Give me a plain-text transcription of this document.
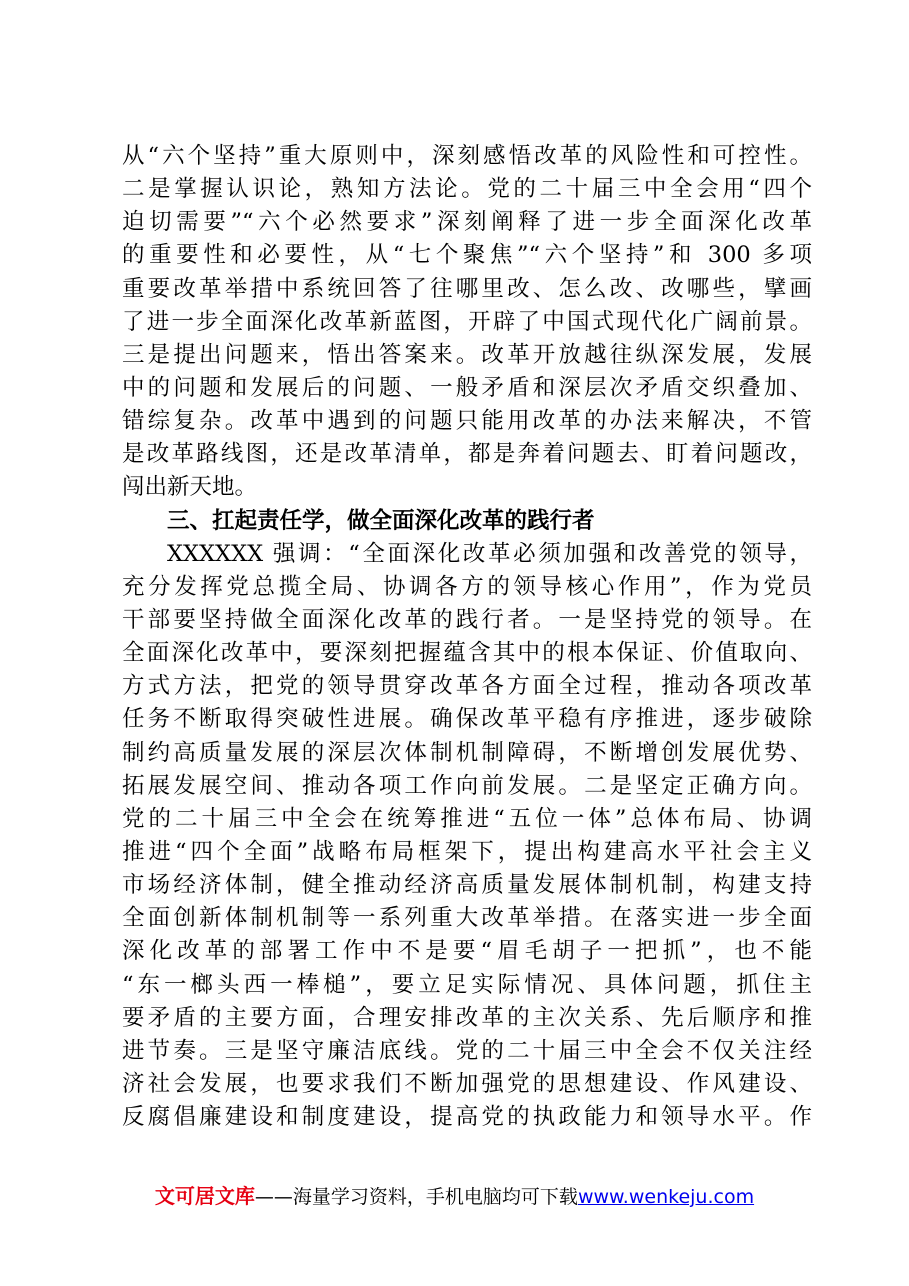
从“六个坚持”重大原则中，深刻感悟改革的风险性和可控性。
二是掌握认识论，熟知方法论。党的二十届三中全会用“四个
迫切需要”“六个必然要求”深刻阐释了进一步全面深化改革
的重要性和必要性，从“七个聚焦”“六个坚持”和 300 多项
重要改革举措中系统回答了往哪里改、怎么改、改哪些，擘画
了进一步全面深化改革新蓝图，开辟了中国式现代化广阔前景。
三是提出问题来，悟出答案来。改革开放越往纵深发展，发展
中的问题和发展后的问题、一般矛盾和深层次矛盾交织叠加、
错综复杂。改革中遇到的问题只能用改革的办法来解决，不管
是改革路线图，还是改革清单，都是奔着问题去、盯着问题改，
闯出新天地。
三、扛起责任学，做全面深化改革的践行者
XXXXXX 强调：“全面深化改革必须加强和改善党的领导，
充分发挥党总揽全局、协调各方的领导核心作用”，作为党员
干部要坚持做全面深化改革的践行者。一是坚持党的领导。在
全面深化改革中，要深刻把握蕴含其中的根本保证、价值取向、
方式方法，把党的领导贯穿改革各方面全过程，推动各项改革
任务不断取得突破性进展。确保改革平稳有序推进，逐步破除
制约高质量发展的深层次体制机制障碍，不断增创发展优势、
拓展发展空间、推动各项工作向前发展。二是坚定正确方向。
党的二十届三中全会在统筹推进“五位一体”总体布局、协调
推进“四个全面”战略布局框架下，提出构建高水平社会主义
市场经济体制，健全推动经济高质量发展体制机制，构建支持
全面创新体制机制等一系列重大改革举措。在落实进一步全面
深化改革的部署工作中不是要“眉毛胡子一把抓”，也不能
“东一榔头西一棒槌”，要立足实际情况、具体问题，抓住主
要矛盾的主要方面，合理安排改革的主次关系、先后顺序和推
进节奏。三是坚守廉洁底线。党的二十届三中全会不仅关注经
济社会发展，也要求我们不断加强党的思想建设、作风建设、
反腐倡廉建设和制度建设，提高党的执政能力和领导水平。作
文可居文库——海量学习资料，手机电脑均可下载www.wenkeju.com
